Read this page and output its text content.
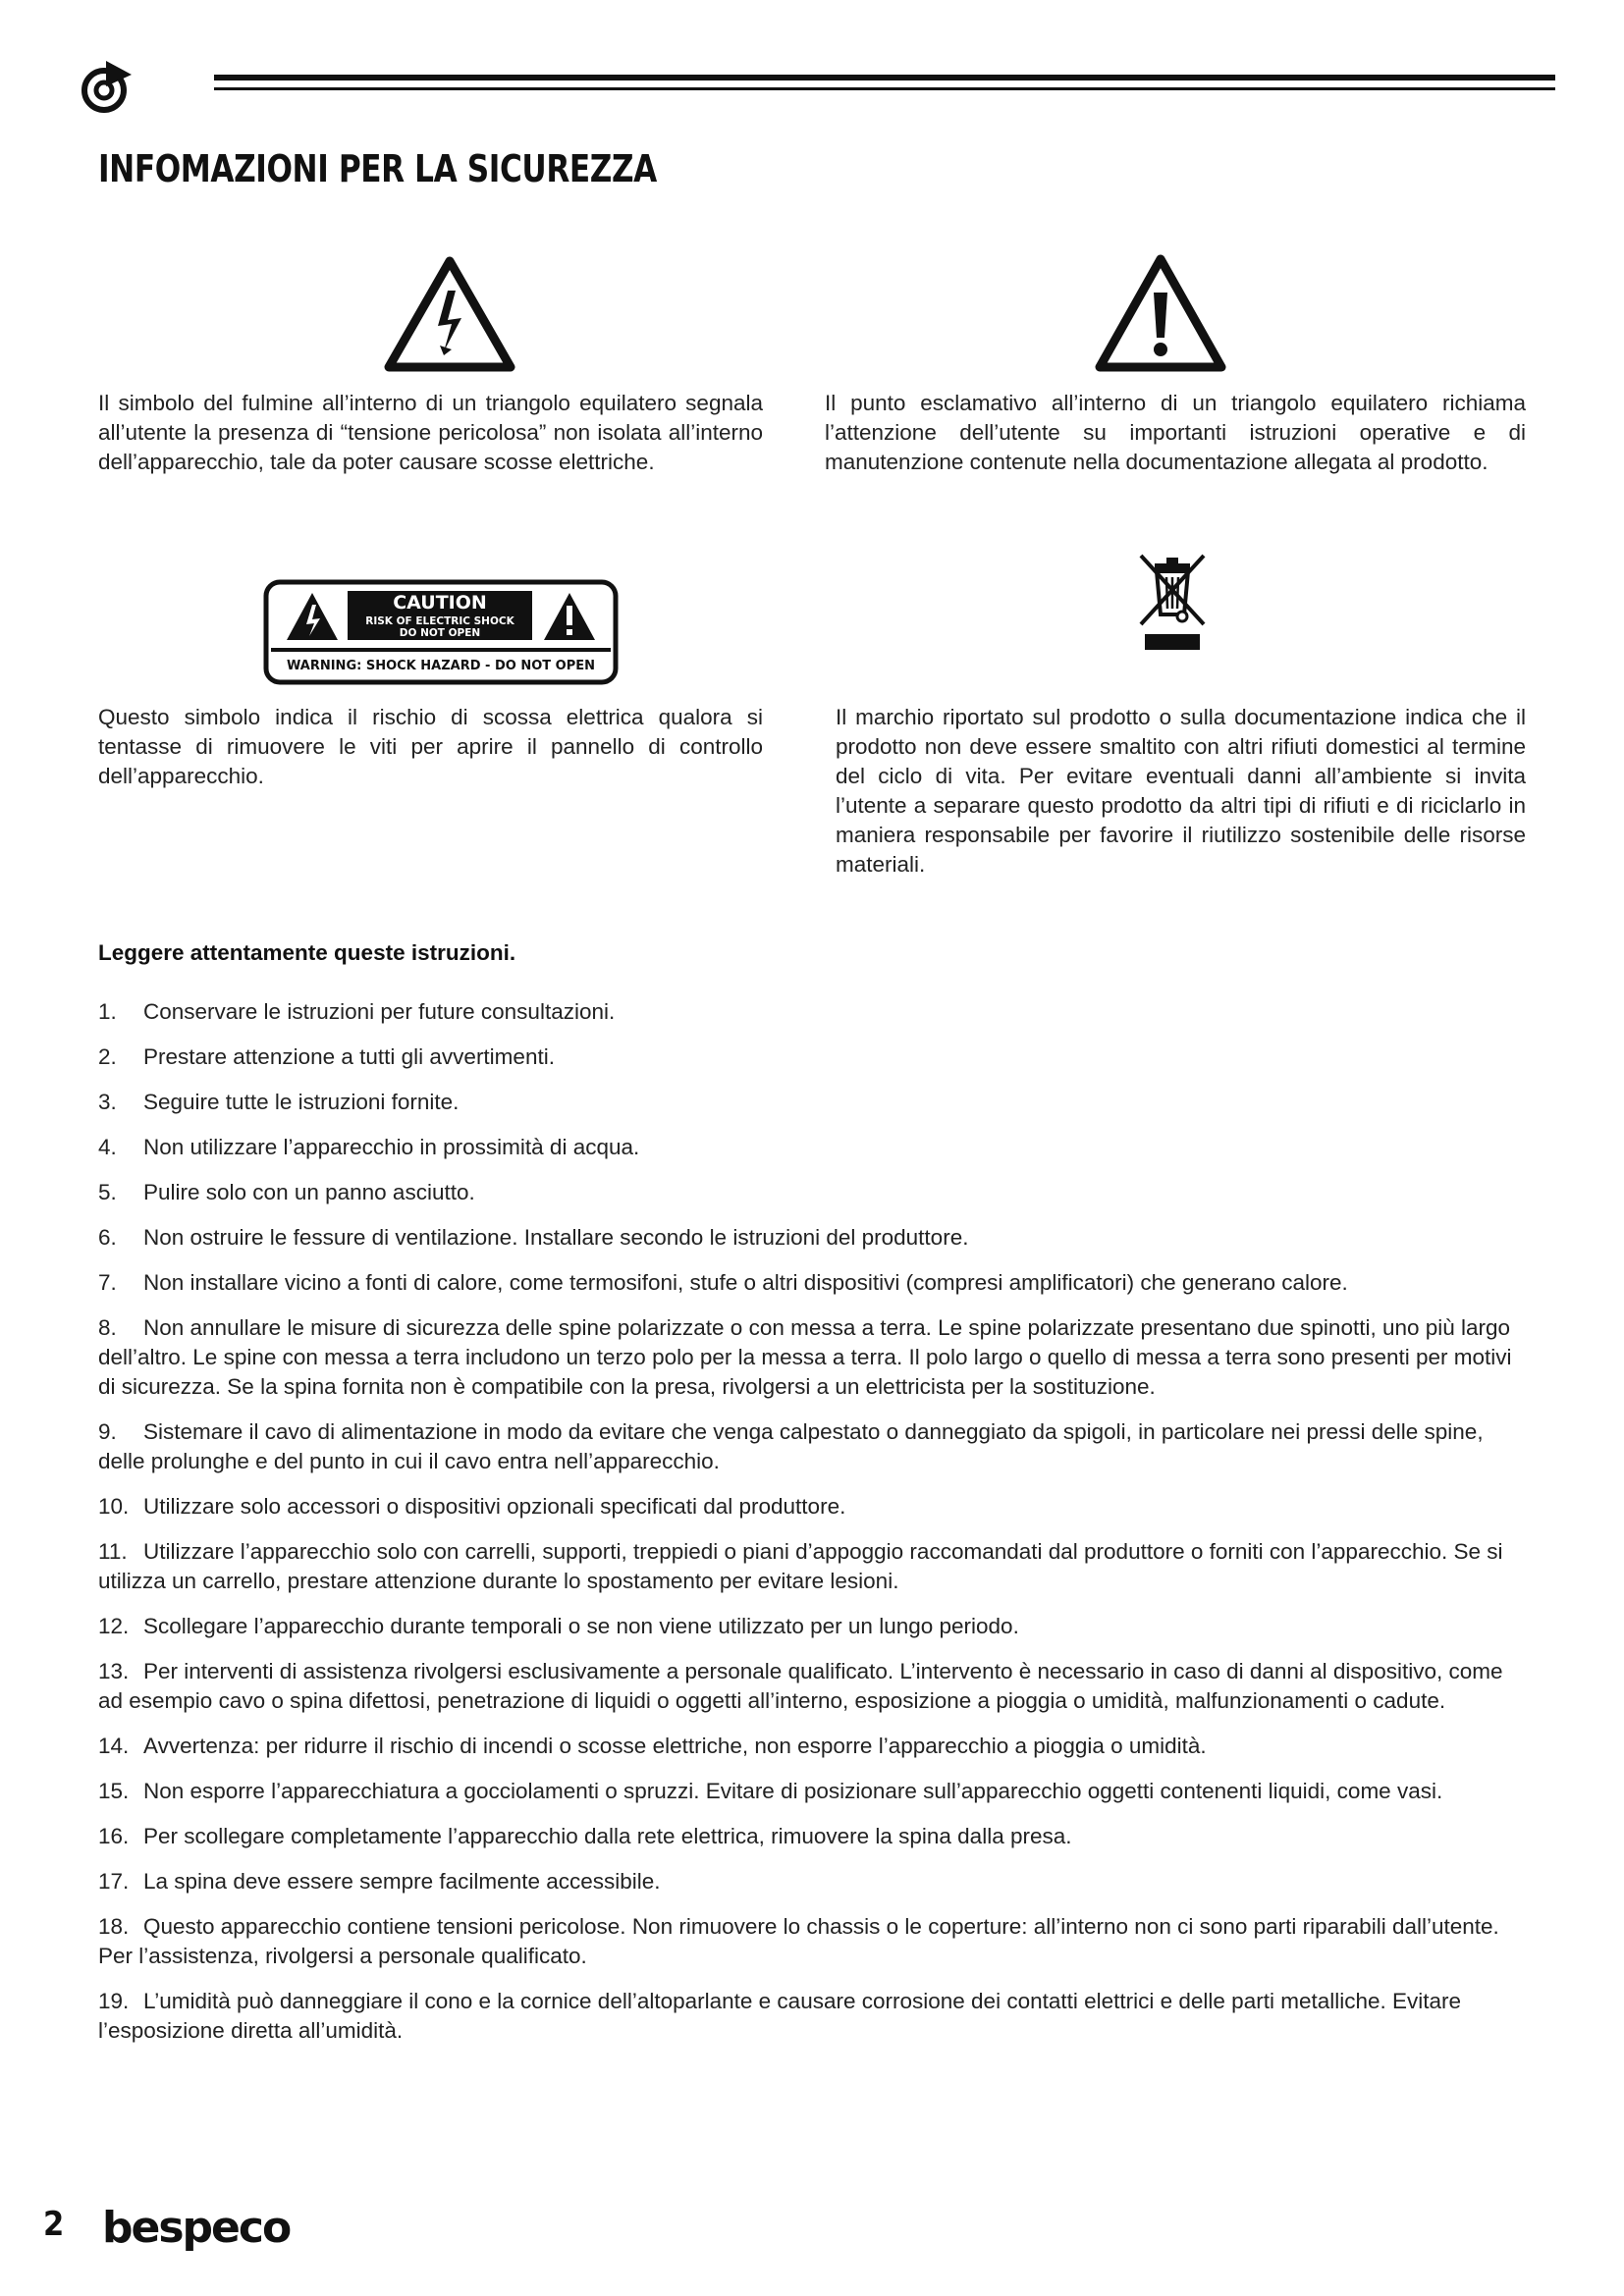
INFOMAZIONI PER LA SICUREZZA

Il simbolo del fulmine all’interno di un triangolo equilatero segnala all’utente la presenza di “tensione pericolosa” non isolata all’interno dell’apparecchio, tale da poter causare scosse elettriche.

Il punto esclamativo all’interno di un triangolo equilatero richiama l’attenzione dell’utente su importanti istruzioni operative e di manutenzione contenute nella documentazione allegata al prodotto.

CAUTION
RISK OF ELECTRIC SHOCK
DO NOT OPEN
WARNING: SHOCK HAZARD - DO NOT OPEN

Questo simbolo indica il rischio di scossa elettrica qualora si tentasse di rimuovere le viti per aprire il pannello di controllo dell’apparecchio.

Il marchio riportato sul prodotto o sulla documentazione indica che il prodotto non deve essere smaltito con altri rifiuti domestici al termine del ciclo di vita. Per evitare eventuali danni all’ambiente si invita l’utente a separare questo prodotto da altri tipi di rifiuti e di riciclarlo in maniera responsabile per favorire il riutilizzo sostenibile delle risorse materiali.

Leggere attentamente queste istruzioni.

1. Conservare le istruzioni per future consultazioni.
2. Prestare attenzione a tutti gli avvertimenti.
3. Seguire tutte le istruzioni fornite.
4. Non utilizzare l’apparecchio in prossimità di acqua.
5. Pulire solo con un panno asciutto.
6. Non ostruire le fessure di ventilazione. Installare secondo le istruzioni del produttore.
7. Non installare vicino a fonti di calore, come termosifoni, stufe o altri dispositivi (compresi amplificatori) che generano calore.
8. Non annullare le misure di sicurezza delle spine polarizzate o con messa a terra. Le spine polarizzate presentano due spinotti, uno più largo dell’altro. Le spine con messa a terra includono un terzo polo per la messa a terra. Il polo largo o quello di messa a terra sono presenti per motivi di sicurezza. Se la spina fornita non è compatibile con la presa, rivolgersi a un elettricista per la sostituzione.
9. Sistemare il cavo di alimentazione in modo da evitare che venga calpestato o danneggiato da spigoli, in particolare nei pressi delle spine, delle prolunghe e del punto in cui il cavo entra nell’apparecchio.
10. Utilizzare solo accessori o dispositivi opzionali specificati dal produttore.
11. Utilizzare l’apparecchio solo con carrelli, supporti, treppiedi o piani d’appoggio raccomandati dal produttore o forniti con l’apparecchio. Se si utilizza un carrello, prestare attenzione durante lo spostamento per evitare lesioni.
12. Scollegare l’apparecchio durante temporali o se non viene utilizzato per un lungo periodo.
13. Per interventi di assistenza rivolgersi esclusivamente a personale qualificato. L’intervento è necessario in caso di danni al dispositivo, come ad esempio cavo o spina difettosi, penetrazione di liquidi o oggetti all’interno, esposizione a pioggia o umidità, malfunzionamenti o cadute.
14. Avvertenza: per ridurre il rischio di incendi o scosse elettriche, non esporre l’apparecchio a pioggia o umidità.
15. Non esporre l’apparecchiatura a gocciolamenti o spruzzi. Evitare di posizionare sull’apparecchio oggetti contenenti liquidi, come vasi.
16. Per scollegare completamente l’apparecchio dalla rete elettrica, rimuovere la spina dalla presa.
17. La spina deve essere sempre facilmente accessibile.
18. Questo apparecchio contiene tensioni pericolose. Non rimuovere lo chassis o le coperture: all’interno non ci sono parti riparabili dall’utente. Per l’assistenza, rivolgersi a personale qualificato.
19. L’umidità può danneggiare il cono e la cornice dell’altoparlante e causare corrosione dei contatti elettrici e delle parti metalliche. Evitare l’esposizione diretta all’umidità.
2 bespeco
